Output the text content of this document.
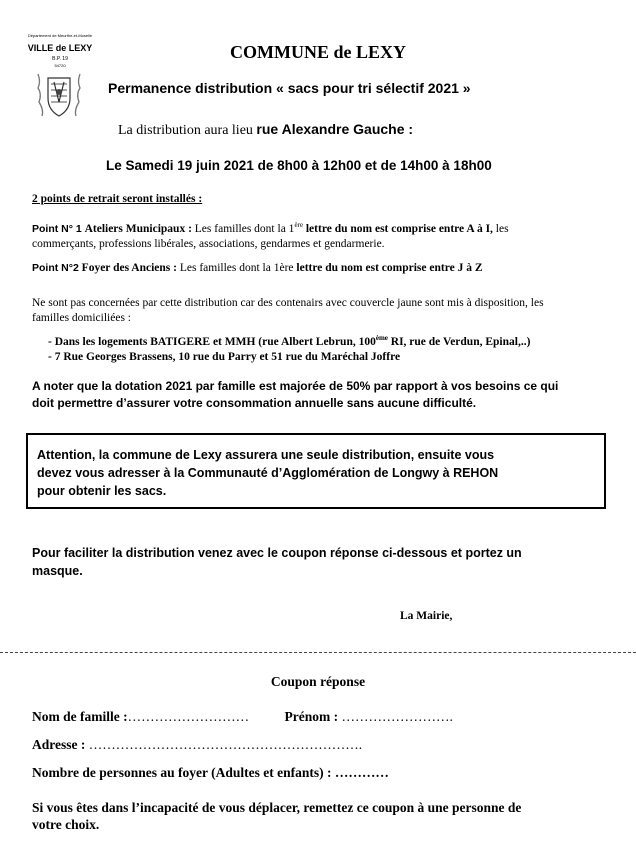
Département de Meurthe-et-Moselle
VILLE de LEXY
B.P. 19
54720
COMMUNE de LEXY
Permanence distribution « sacs pour tri sélectif 2021 »
La distribution aura lieu rue Alexandre Gauche :
Le Samedi 19 juin 2021 de 8h00 à 12h00 et de 14h00 à 18h00
2 points de retrait seront installés :
Point N° 1 Ateliers Municipaux : Les familles dont la 1ère lettre du nom est comprise entre A à I, les
commerçants, professions libérales, associations, gendarmes et gendarmerie.
Point N°2 Foyer des Anciens : Les familles dont la 1ère lettre du nom est comprise entre J à Z
Ne sont pas concernées par cette distribution car des contenairs avec couvercle jaune sont mis à disposition, les
familles domiciliées :
- Dans les logements BATIGERE et MMH (rue Albert Lebrun, 100ème RI, rue de Verdun, Epinal,..)
- 7 Rue Georges Brassens, 10 rue du Parry et 51 rue du Maréchal Joffre
A noter que la dotation 2021 par famille est majorée de 50% par rapport à vos besoins ce qui
doit permettre d’assurer votre consommation annuelle sans aucune difficulté.
Attention, la commune de Lexy assurera une seule distribution, ensuite vous
devez vous adresser à la Communauté d’Agglomération de Longwy à REHON
pour obtenir les sacs.
Pour faciliter la distribution venez avec le coupon réponse ci-dessous et portez un
masque.
La Mairie,
Coupon réponse
Nom de famille :………………………	Prénom : …………………….
Adresse : …………………………………………………….
Nombre de personnes au foyer (Adultes et enfants) : …………
Si vous êtes dans l’incapacité de vous déplacer, remettez ce coupon à une personne de
votre choix.
